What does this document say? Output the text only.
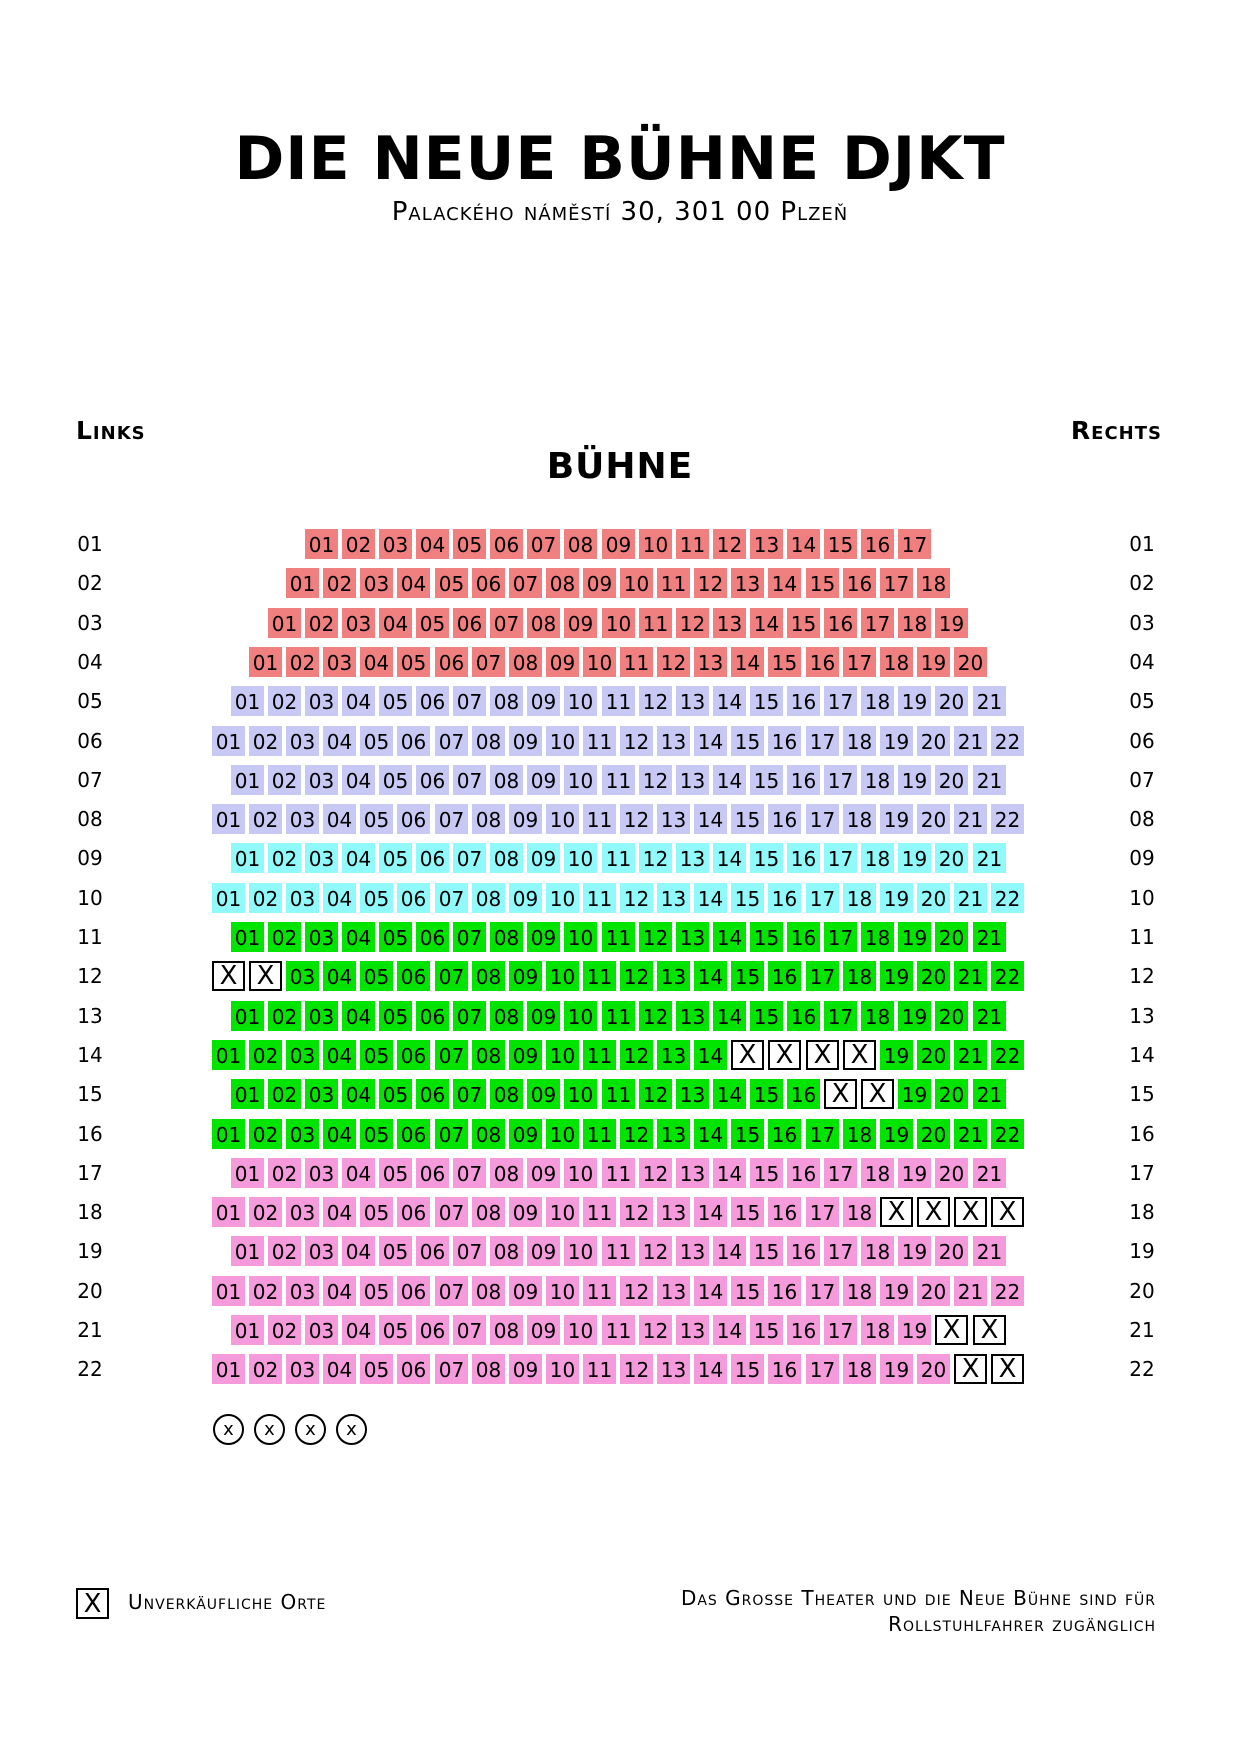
DIE NEUE BÜHNE DJKT
Palackého náměstí 30, 301 00 Plzeň
Links	Rechts
BÜHNE
01	01
01 02 03 04 05 06 07 08 09 10 11 12 13 14 15 16 17
02	02
01 02 03 04 05 06 07 08 09 10 11 12 13 14 15 16 17 18
03	03
01 02 03 04 05 06 07 08 09 10 11 12 13 14 15 16 17 18 19
04	04
01 02 03 04 05 06 07 08 09 10 11 12 13 14 15 16 17 18 19 20
05	05
01 02 03 04 05 06 07 08 09 10 11 12 13 14 15 16 17 18 19 20 21
06	06
01 02 03 04 05 06 07 08 09 10 11 12 13 14 15 16 17 18 19 20 21 22
07	07
01 02 03 04 05 06 07 08 09 10 11 12 13 14 15 16 17 18 19 20 21
08	08
01 02 03 04 05 06 07 08 09 10 11 12 13 14 15 16 17 18 19 20 21 22
09	09
01 02 03 04 05 06 07 08 09 10 11 12 13 14 15 16 17 18 19 20 21
10	10
01 02 03 04 05 06 07 08 09 10 11 12 13 14 15 16 17 18 19 20 21 22
11	11
01 02 03 04 05 06 07 08 09 10 11 12 13 14 15 16 17 18 19 20 21
12	12
X X 03 04 05 06 07 08 09 10 11 12 13 14 15 16 17 18 19 20 21 22
13	13
01 02 03 04 05 06 07 08 09 10 11 12 13 14 15 16 17 18 19 20 21
14	14
01 02 03 04 05 06 07 08 09 10 11 12 13 14 X X X X 19 20 21 22
15	15
01 02 03 04 05 06 07 08 09 10 11 12 13 14 15 16 X X 19 20 21
16	16
01 02 03 04 05 06 07 08 09 10 11 12 13 14 15 16 17 18 19 20 21 22
17	17
01 02 03 04 05 06 07 08 09 10 11 12 13 14 15 16 17 18 19 20 21
18	18
01 02 03 04 05 06 07 08 09 10 11 12 13 14 15 16 17 18 X X X X
19	19
01 02 03 04 05 06 07 08 09 10 11 12 13 14 15 16 17 18 19 20 21
20	20
01 02 03 04 05 06 07 08 09 10 11 12 13 14 15 16 17 18 19 20 21 22
21	21
01 02 03 04 05 06 07 08 09 10 11 12 13 14 15 16 17 18 19 X X
22	22
01 02 03 04 05 06 07 08 09 10 11 12 13 14 15 16 17 18 19 20 X X
x	x	x	x
X	Unverkäufliche Orte	Das Grosse Theater und die Neue Bühne sind für
Rollstuhlfahrer zugänglich
